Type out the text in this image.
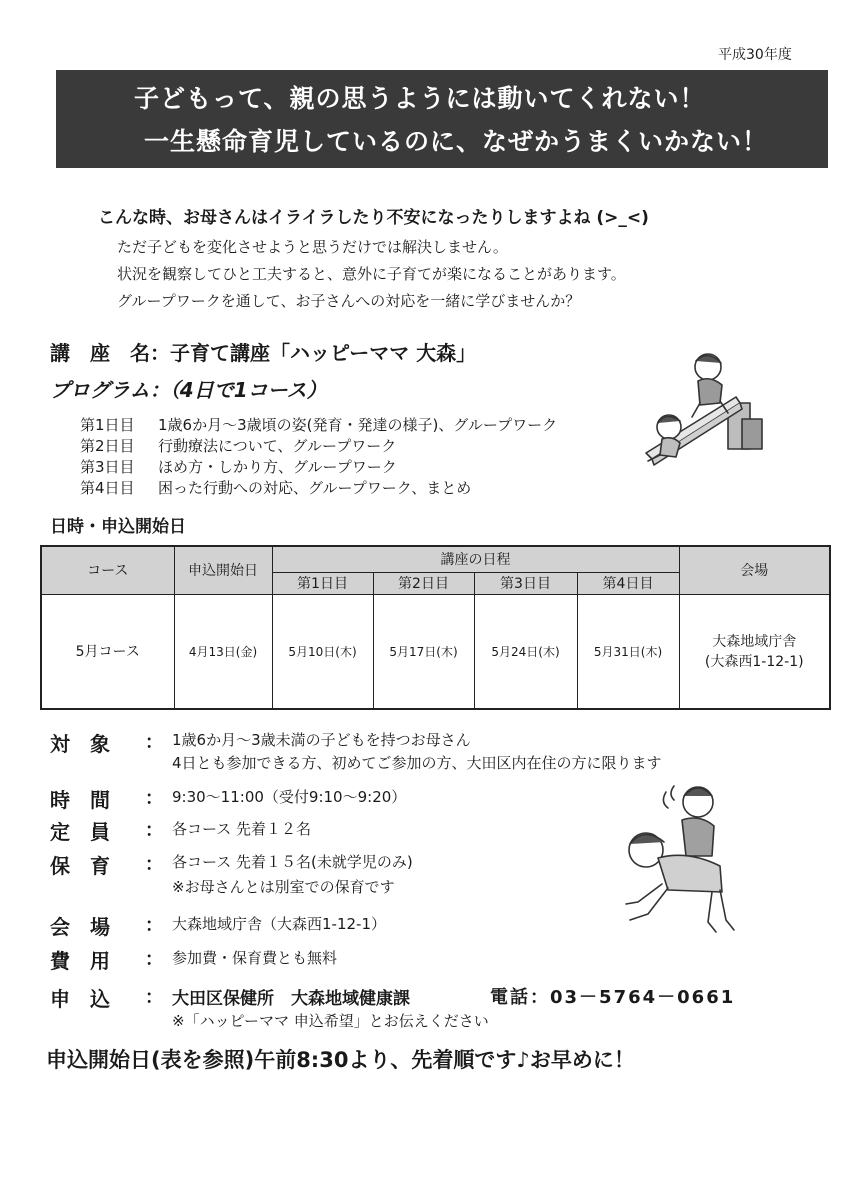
平成30年度
子どもって、親の思うようには動いてくれない！
一生懸命育児しているのに、なぜかうまくいかない！
こんな時、お母さんはイライラしたり不安になったりしますよね (>_<)
ただ子どもを変化させようと思うだけでは解決しません。
状況を観察してひと工夫すると、意外に子育てが楽になることがあります。
グループワークを通して、お子さんへの対応を一緒に学びませんか？
講　座　名：子育て講座「ハッピーママ 大森」
プログラム：（4日で1コース）
第1日目 1歳6か月～3歳頃の姿(発育・発達の様子)、グループワーク
第2日目 行動療法について、グループワーク
第3日目 ほめ方・しかり方、グループワーク
第4日目 困った行動への対応、グループワーク、まとめ
日時・申込開始日
コース	申込開始日	講座の日程				会場
		第1日目	第2日目	第3日目	第4日目	
5月コース	4月13日(金)	5月10日(木)	5月17日(木)	5月24日(木)	5月31日(木)	大森地域庁舎
(大森西1-12-1)
対　象 ： 1歳6か月～3歳未満の子どもを持つお母さん
4日とも参加できる方、初めてご参加の方、大田区内在住の方に限ります
時　間 ： 9:30～11:00（受付9:10～9:20）
定　員 ： 各コース 先着１２名
保　育 ： 各コース 先着１５名(未就学児のみ)
※お母さんとは別室での保育です
会　場 ： 大森地域庁舎（大森西1-12-1）
費　用 ： 参加費・保育費とも無料
申　込 ： 大田区保健所　大森地域健康課	電話：03－5764－0661
※「ハッピーママ 申込希望」とお伝えください
申込開始日(表を参照)午前8:30より、先着順です♪お早めに！
